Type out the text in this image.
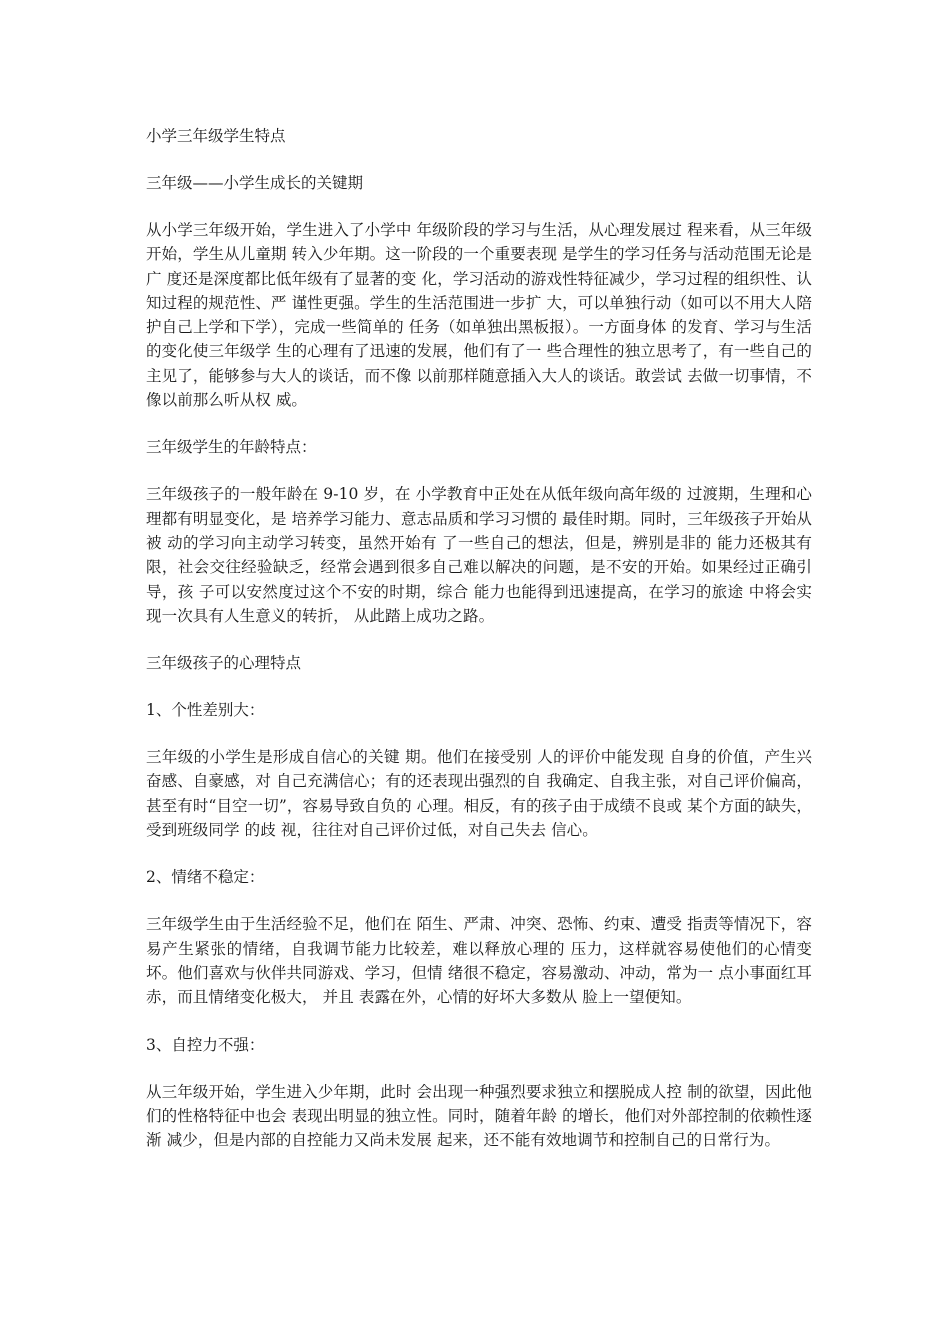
小学三年级学生特点
三年级——小学生成长的关键期
从小学三年级开始，学生进入了小学中 年级阶段的学习与生活，从心理发展过 程来看，从三年级开始，学生从儿童期 转入少年期。这一阶段的一个重要表现 是学生的学习任务与活动范围无论是广 度还是深度都比低年级有了显著的变 化，学习活动的游戏性特征减少，学习过程的组织性、认知过程的规范性、严 谨性更强。学生的生活范围进一步扩 大，可以单独行动（如可以不用大人陪 护自己上学和下学），完成一些简单的 任务（如单独出黑板报）。一方面身体 的发育、学习与生活的变化使三年级学 生的心理有了迅速的发展，他们有了一 些合理性的独立思考了，有一些自己的 主见了，能够参与大人的谈话，而不像 以前那样随意插入大人的谈话。敢尝试 去做一切事情，不像以前那么听从权 威。
三年级学生的年龄特点：
三年级孩子的一般年龄在 9-10 岁，在 小学教育中正处在从低年级向高年级的 过渡期，生理和心理都有明显变化，是 培养学习能力、意志品质和学习习惯的 最佳时期。同时，三年级孩子开始从被 动的学习向主动学习转变，虽然开始有 了一些自己的想法，但是，辨别是非的 能力还极其有限，社会交往经验缺乏，经常会遇到很多自己难以解决的问题，是不安的开始。如果经过正确引导，孩 子可以安然度过这个不安的时期，综合 能力也能得到迅速提高，在学习的旅途 中将会实现一次具有人生意义的转折， 从此踏上成功之路。
三年级孩子的心理特点
1、个性差别大：
三年级的小学生是形成自信心的关键 期。他们在接受别 人的评价中能发现 自身的价值，产生兴奋感、自豪感，对 自己充满信心；有的还表现出强烈的自 我确定、自我主张，对自己评价偏高， 甚至有时“目空一切”，容易导致自负的 心理。相反，有的孩子由于成绩不良或 某个方面的缺失，受到班级同学 的歧 视，往往对自己评价过低，对自己失去 信心。
2、情绪不稳定：
三年级学生由于生活经验不足，他们在 陌生、严肃、冲突、恐怖、约束、遭受 指责等情况下，容易产生紧张的情绪，自我调节能力比较差，难以释放心理的 压力，这样就容易使他们的心情变坏。他们喜欢与伙伴共同游戏、学习，但情 绪很不稳定，容易激动、冲动，常为一 点小事面红耳赤，而且情绪变化极大， 并且 表露在外，心情的好坏大多数从 脸上一望便知。
3、自控力不强：
从三年级开始，学生进入少年期，此时 会出现一种强烈要求独立和摆脱成人控 制的欲望，因此他们的性格特征中也会 表现出明显的独立性。同时，随着年龄 的增长，他们对外部控制的依赖性逐渐 减少，但是内部的自控能力又尚未发展 起来，还不能有效地调节和控制自己的日常行为。
